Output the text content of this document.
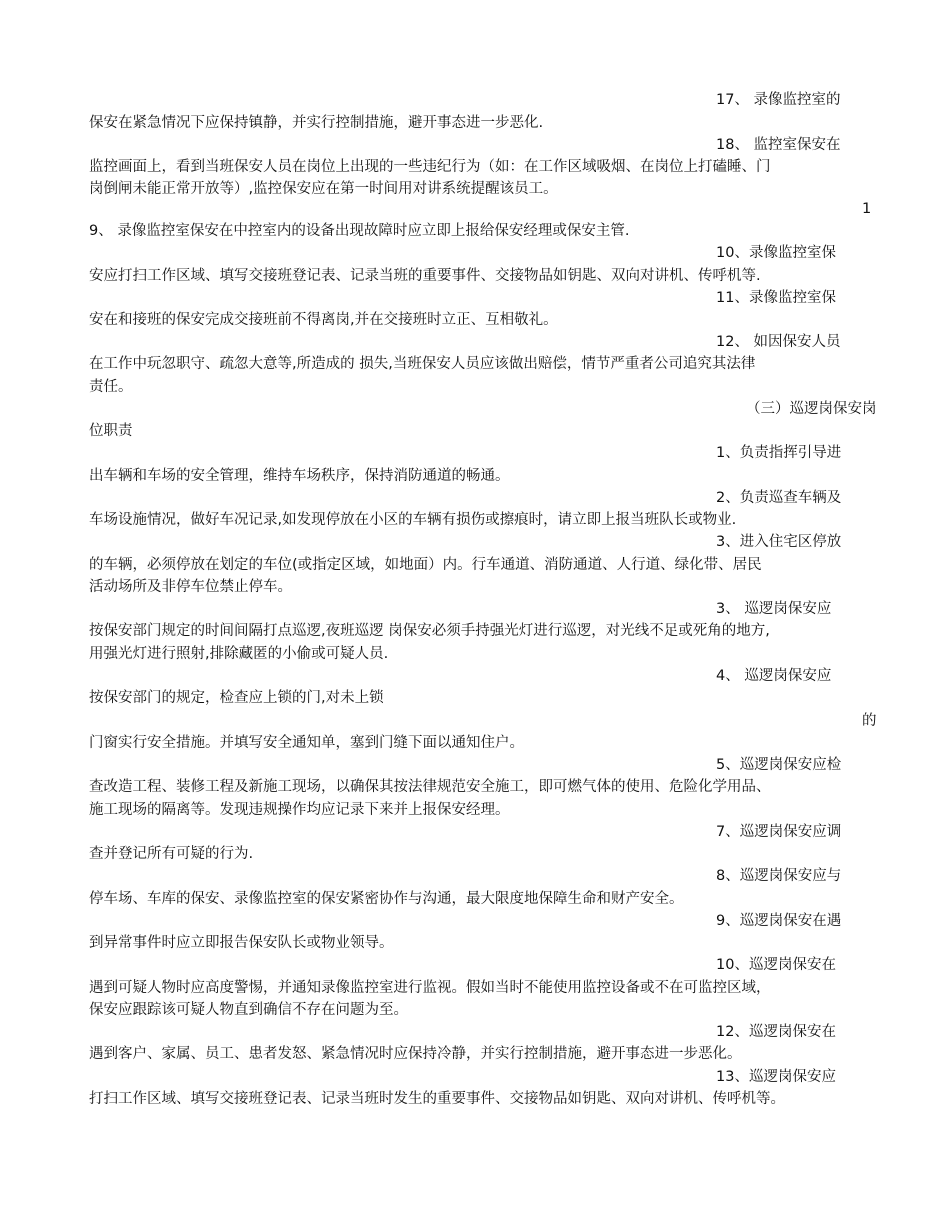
17、 录像监控室的

保安在紧急情况下应保持镇静，并实行控制措施，避开事态进一步恶化.

18、 监控室保安在

监控画面上，看到当班保安人员在岗位上出现的一些违纪行为（如：在工作区域吸烟、在岗位上打磕睡、门

岗倒闸未能正常开放等）,监控保安应在第一时间用对讲系统提醒该员工。

1

9、 录像监控室保安在中控室内的设备出现故障时应立即上报给保安经理或保安主管.

10、录像监控室保

安应打扫工作区域、填写交接班登记表、记录当班的重要事件、交接物品如钥匙、双向对讲机、传呼机等.

11、录像监控室保

安在和接班的保安完成交接班前不得离岗,并在交接班时立正、互相敬礼。

12、 如因保安人员

在工作中玩忽职守、疏忽大意等,所造成的 损失,当班保安人员应该做出赔偿，情节严重者公司追究其法律

责任。

（三）巡逻岗保安岗

位职责

1、负责指挥引导进

出车辆和车场的安全管理，维持车场秩序，保持消防通道的畅通。

2、负责巡查车辆及

车场设施情况，做好车况记录,如发现停放在小区的车辆有损伤或擦痕时，请立即上报当班队长或物业.

3、进入住宅区停放

的车辆，必须停放在划定的车位(或指定区域，如地面）内。行车通道、消防通道、人行道、绿化带、居民

活动场所及非停车位禁止停车。

3、 巡逻岗保安应

按保安部门规定的时间间隔打点巡逻,夜班巡逻 岗保安必须手持强光灯进行巡逻，对光线不足或死角的地方,

用强光灯进行照射,排除藏匿的小偷或可疑人员.

4、 巡逻岗保安应

按保安部门的规定，检查应上锁的门,对未上锁

的

门窗实行安全措施。并填写安全通知单，塞到门缝下面以通知住户。

5、巡逻岗保安应检

查改造工程、装修工程及新施工现场，以确保其按法律规范安全施工，即可燃气体的使用、危险化学用品、

施工现场的隔离等。发现违规操作均应记录下来并上报保安经理。

7、巡逻岗保安应调

查并登记所有可疑的行为.

8、巡逻岗保安应与

停车场、车库的保安、录像监控室的保安紧密协作与沟通，最大限度地保障生命和财产安全。

9、巡逻岗保安在遇

到异常事件时应立即报告保安队长或物业领导。

10、巡逻岗保安在

遇到可疑人物时应高度警惕，并通知录像监控室进行监视。假如当时不能使用监控设备或不在可监控区域，

保安应跟踪该可疑人物直到确信不存在问题为至。

12、巡逻岗保安在

遇到客户、家属、员工、患者发怒、紧急情况时应保持冷静，并实行控制措施，避开事态进一步恶化。

13、巡逻岗保安应

打扫工作区域、填写交接班登记表、记录当班时发生的重要事件、交接物品如钥匙、双向对讲机、传呼机等。
